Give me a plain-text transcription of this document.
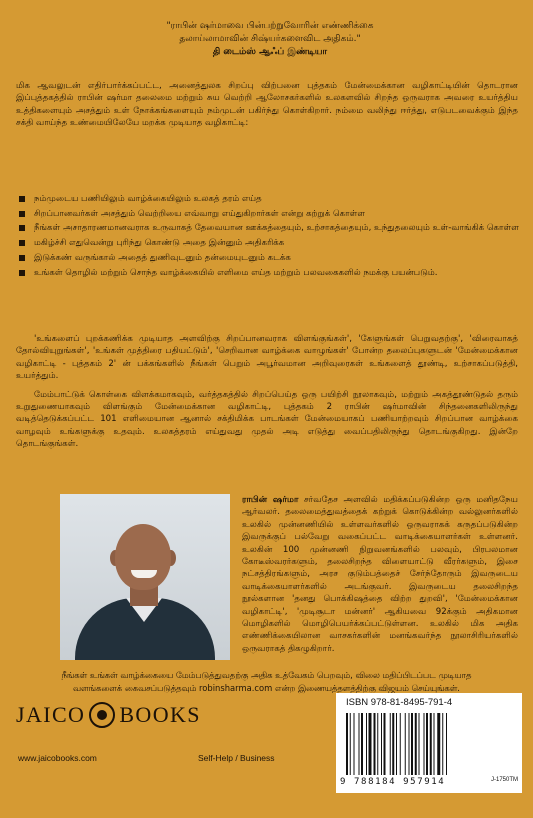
"ராபின் ஷர்மாவை பின்பற்றுவோரின் எண்ணிக்கை
தலாய்லாமாவின் சிஷ்யர்களைவிட அதிகம்."
தி டைம்ஸ் ஆஃப் இண்டியா
மிக ஆவலுடன் எதிர்பார்க்கப்பட்ட, அனைத்துலக சிறப்பு விற்பனை புத்தகம் மேன்மைக்கான வழிகாட்டியின் தொடரான இப்புத்தகத்தில் ராபின் ஷர்மா தலைமை மற்றும் சுய வெற்றி ஆலோசகர்களில் உலகளவில் சிறந்த ஒருவராக அவரை உயர்த்திய உத்திகளையும் அசத்தும் உள் நோக்கங்களையும் நம்முடன் பகிர்ந்து கொள்கிறார். நம்மை வலிந்து ஈர்த்து, எடுபடவைக்கும் இந்த சக்தி வாய்ந்த உண்மையிலேயே மறக்க முடியாத வழிகாட்டி:
நம்முடைய பணியிலும் வாழ்க்கையிலும் உலகத் தரம் எய்த
சிறப்பானவர்கள் அசத்தும் வெற்றியை எவ்வாறு எய்துகிறார்கள் என்று கற்றுக் கொள்ள
நீங்கள் அசாதாரணமானவராக உருவாகத் தேவையான ஊக்கத்தையும், உற்சாகத்தையும், உந்துதலையும் உள்-வாங்கிக் கொள்ள
மகிழ்ச்சி எதுவென்று புரிந்து கொண்டு அதை இன்னும் அதிகரிக்க
இடுக்கண் வருங்கால் அதைத் துணிவுடனும் தன்மையுடனும் கடக்க
உங்கள் தொழில் மற்றும் சொந்த வாழ்க்கையில் எளிமை எய்த மற்றும் பலவகைகளில் நமக்கு பயன்படும்.

'உங்களைப் புறக்கணிக்க முடியாத அளவிற்கு சிறப்பானவராக விளங்குங்கள்', 'கேளுங்கள் பெறுவதற்கு', 'விரைவாகத் தோல்வியுறுங்கள்', 'உங்கள் முத்திரை பதியட்டும்', 'செறிவான வாழ்க்கை வாழுங்கள்' போன்ற தலைப்புகளுடன் 'மேன்மைக்கான வழிகாட்டி - புத்தகம் 2' ன் பக்கங்களில் நீங்கள் பெறும் அபூர்வமான அறிவுரைகள் உங்களைத் தூண்டி, உற்சாகப்படுத்தி, உயர்த்தும்.

மேம்பாட்டுக் கொள்கை விளக்கமாகவும், வர்த்தகத்தில் சிறப்பெய்த ஒரு பயிற்சி நூலாகவும், மற்றும் அகத்தூண்டுதல் தரும் உறுதுணையாகவும் விளங்கும் மேன்மைக்கான வழிகாட்டி, புத்தகம் 2 ராபின் ஷர்மாவின் சிந்தனைகளிலிருந்து வடித்தெடுக்கப்பட்ட 101 எளிமையான ஆனால் சக்திமிக்க பாடங்கள் மேன்மையாகப் பணியாற்றவும் சிறப்பான வாழ்க்கை வாழவும் உங்களுக்கு உதவும். உலகத்தரம் எய்துவது முதல் அடி எடுத்து வைப்பதிலிருந்து தொடங்குகிறது. இன்றே தொடங்குங்கள்.

ராபின் ஷர்மா சர்வதேச அளவில் மதிக்கப்படுகின்ற ஒரு மனிதநேய ஆர்வலர். தலைமைத்துவத்தைக் கற்றுக் கொடுக்கின்ற வல்லுனர்களில் உலகில் முன்னணியில் உள்ளவர்களில் ஒருவராகக் கருதப்படுகின்ற இவருக்குப் பல்வேறு வகைப்பட்ட வாடிக்கையாளர்கள் உள்ளனர். உலகின் 100 முன்னணி நிறுவனங்களில் பலவும், பிரபலமான கோடீஸ்வரர்களும், தலைசிறந்த விளையாட்டு வீரர்களும், இசை நட்சத்திரங்களும், அரச குடும்பத்தைச் சேர்ந்தோரும் இவருடைய வாடிக்கையாளர்களில் அடங்குவர். இவருடைய தலைசிறந்த நூல்களான 'தனது பொக்கிஷத்தை விற்ற துறவி', 'மேன்மைக்கான வழிகாட்டி', 'முடிசூடா மன்னர்' ஆகியவை 92க்கும் அதிகமான மொழிகளில் மொழிபெயர்க்கப்பட்டுள்ளன. உலகில் மிக அதிக எண்ணிக்கையிலான வாசகர்களின் மனங்கவர்ந்த நூலாசிரியர்களில் ஒருவராகத் திகழுகிறார்.
நீங்கள் உங்கள் வாழ்க்கையை மேம்படுத்துவதற்கு அதிக உத்வேகம் பெறவும், விலை மதிப்பிடப்பட முடியாத
வளங்களைக் கைவசப்படுத்தவும் robinsharma.com என்ற இணையத்தளத்திற்கு விஜயம் செய்யுங்கள்.
JAICO BOOKS
www.jaicobooks.com	Self-Help / Business
ISBN 978-81-8495-791-4
9 788184 957914	J-1750TM
